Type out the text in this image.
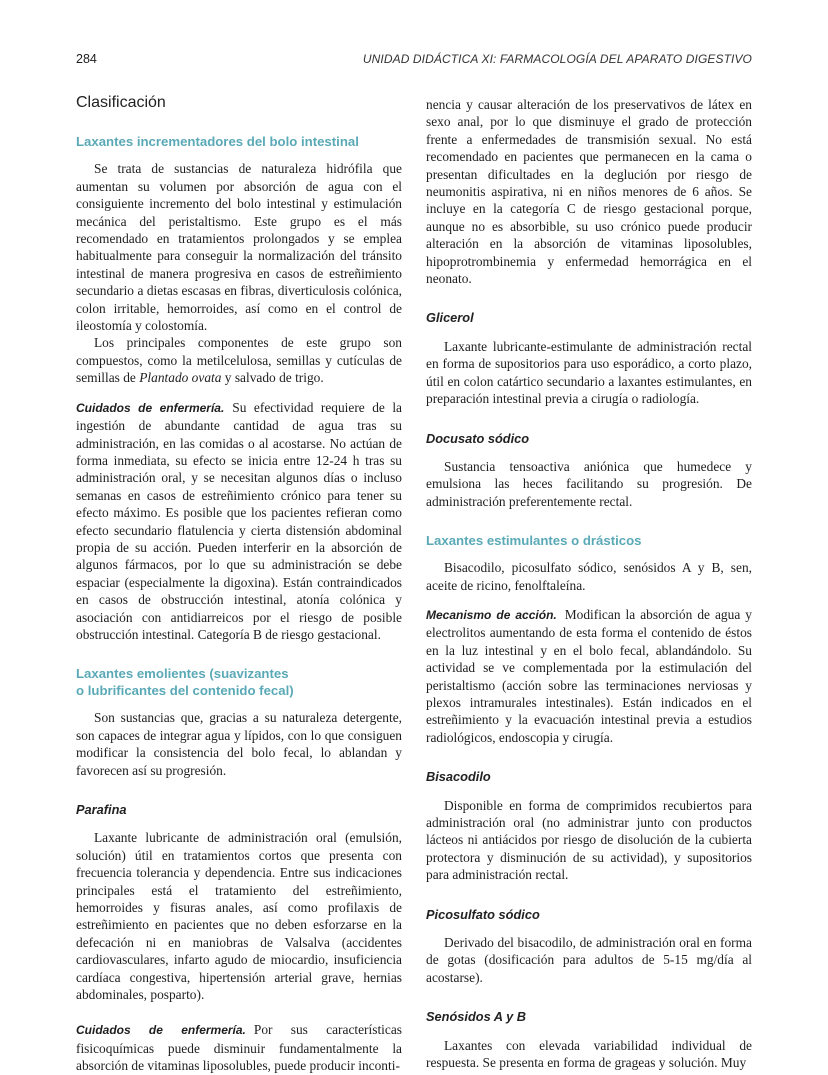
284	UNIDAD DIDÁCTICA XI: FARMACOLOGÍA DEL APARATO DIGESTIVO
Clasificación
Laxantes incrementadores del bolo intestinal

Se trata de sustancias de naturaleza hidrófila que aumentan su volumen por absorción de agua con el consiguiente incremento del bolo intestinal y estimulación mecánica del peristaltismo. Este grupo es el más recomendado en tratamientos prolongados y se emplea habitualmente para conseguir la normalización del tránsito intestinal de manera progresiva en casos de estreñimiento secundario a dietas escasas en fibras, diverticulosis colónica, colon irritable, hemorroides, así como en el control de ileostomía y colostomía.

Los principales componentes de este grupo son compuestos, como la metilcelulosa, semillas y cutículas de semillas de Plantado ovata y salvado de trigo.

Cuidados de enfermería. Su efectividad requiere de la ingestión de abundante cantidad de agua tras su administración, en las comidas o al acostarse. No actúan de forma inmediata, su efecto se inicia entre 12-24 h tras su administración oral, y se necesitan algunos días o incluso semanas en casos de estreñimiento crónico para tener su efecto máximo. Es posible que los pacientes refieran como efecto secundario flatulencia y cierta distensión abdominal propia de su acción. Pueden interferir en la absorción de algunos fármacos, por lo que su administración se debe espaciar (especialmente la digoxina). Están contraindicados en casos de obstrucción intestinal, atonía colónica y asociación con antidiarreicos por el riesgo de posible obstrucción intestinal. Categoría B de riesgo gestacional.

Laxantes emolientes (suavizantes
o lubrificantes del contenido fecal)

Son sustancias que, gracias a su naturaleza detergente, son capaces de integrar agua y lípidos, con lo que consiguen modificar la consistencia del bolo fecal, lo ablandan y favorecen así su progresión.

Parafina

Laxante lubricante de administración oral (emulsión, solución) útil en tratamientos cortos que presenta con frecuencia tolerancia y dependencia. Entre sus indicaciones principales está el tratamiento del estreñimiento, hemorroides y fisuras anales, así como profilaxis de estreñimiento en pacientes que no deben esforzarse en la defecación ni en maniobras de Valsalva (accidentes cardiovasculares, infarto agudo de miocardio, insuficiencia cardíaca congestiva, hipertensión arterial grave, hernias abdominales, posparto).

Cuidados de enfermería. Por sus características fisicoquímicas puede disminuir fundamentalmente la absorción de vitaminas liposolubles, puede producir inconti-

nencia y causar alteración de los preservativos de látex en sexo anal, por lo que disminuye el grado de protección frente a enfermedades de transmisión sexual. No está recomendado en pacientes que permanecen en la cama o presentan dificultades en la deglución por riesgo de neumonitis aspirativa, ni en niños menores de 6 años. Se incluye en la categoría C de riesgo gestacional porque, aunque no es absorbible, su uso crónico puede producir alteración en la absorción de vitaminas liposolubles, hipoprotrombinemia y enfermedad hemorrágica en el neonato.

Glicerol

Laxante lubricante-estimulante de administración rectal en forma de supositorios para uso esporádico, a corto plazo, útil en colon catártico secundario a laxantes estimulantes, en preparación intestinal previa a cirugía o radiología.

Docusato sódico

Sustancia tensoactiva aniónica que humedece y emulsiona las heces facilitando su progresión. De administración preferentemente rectal.

Laxantes estimulantes o drásticos

Bisacodilo, picosulfato sódico, senósidos A y B, sen, aceite de ricino, fenolftaleína.

Mecanismo de acción. Modifican la absorción de agua y electrolitos aumentando de esta forma el contenido de éstos en la luz intestinal y en el bolo fecal, ablandándolo. Su actividad se ve complementada por la estimulación del peristaltismo (acción sobre las terminaciones nerviosas y plexos intramurales intestinales). Están indicados en el estreñimiento y la evacuación intestinal previa a estudios radiológicos, endoscopia y cirugía.

Bisacodilo

Disponible en forma de comprimidos recubiertos para administración oral (no administrar junto con productos lácteos ni antiácidos por riesgo de disolución de la cubierta protectora y disminución de su actividad), y supositorios para administración rectal.

Picosulfato sódico

Derivado del bisacodilo, de administración oral en forma de gotas (dosificación para adultos de 5-15 mg/día al acostarse).

Senósidos A y B

Laxantes con elevada variabilidad individual de respuesta. Se presenta en forma de grageas y solución. Muy
